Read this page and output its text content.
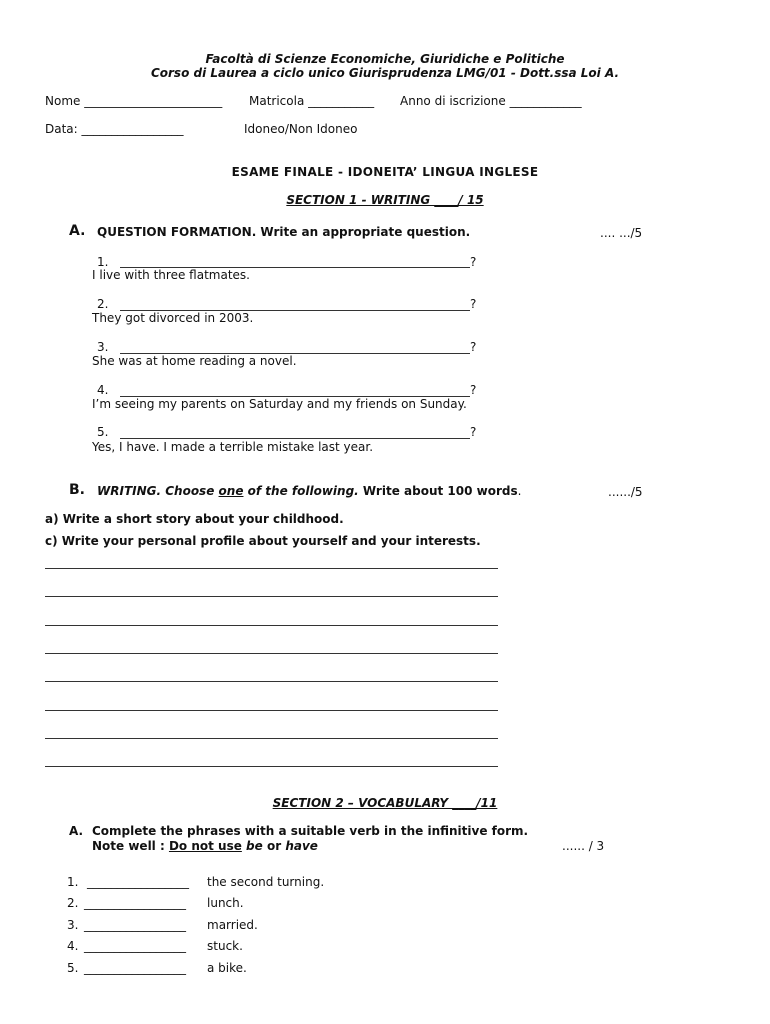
Facoltà di Scienze Economiche, Giuridiche e Politiche
Corso di Laurea a ciclo unico Giurisprudenza LMG/01 - Dott.ssa Loi A.
Nome _______________________ Matricola ___________ Anno di iscrizione ____________
Data: _________________	Idoneo/Non Idoneo
ESAME FINALE - IDONEITA’ LINGUA INGLESE
SECTION 1 - WRITING ____/ 15
A. QUESTION FORMATION. Write an appropriate question.	.... .../5
1.	?
I live with three flatmates.
2.	?
They got divorced in 2003.
3.	?
She was at home reading a novel.
4.	?
I’m seeing my parents on Saturday and my friends on Sunday.
5.	?
Yes, I have. I made a terrible mistake last year.
B. WRITING. Choose one of the following. Write about 100 words.	....../5
a) Write a short story about your childhood.
c) Write your personal profile about yourself and your interests.
SECTION 2 – VOCABULARY ____/11
A. Complete the phrases with a suitable verb in the infinitive form.
Note well : Do not use be or have	...... / 3
1. _________________ the second turning.
2. _________________ lunch.
3. _________________ married.
4. _________________ stuck.
5. _________________ a bike.
